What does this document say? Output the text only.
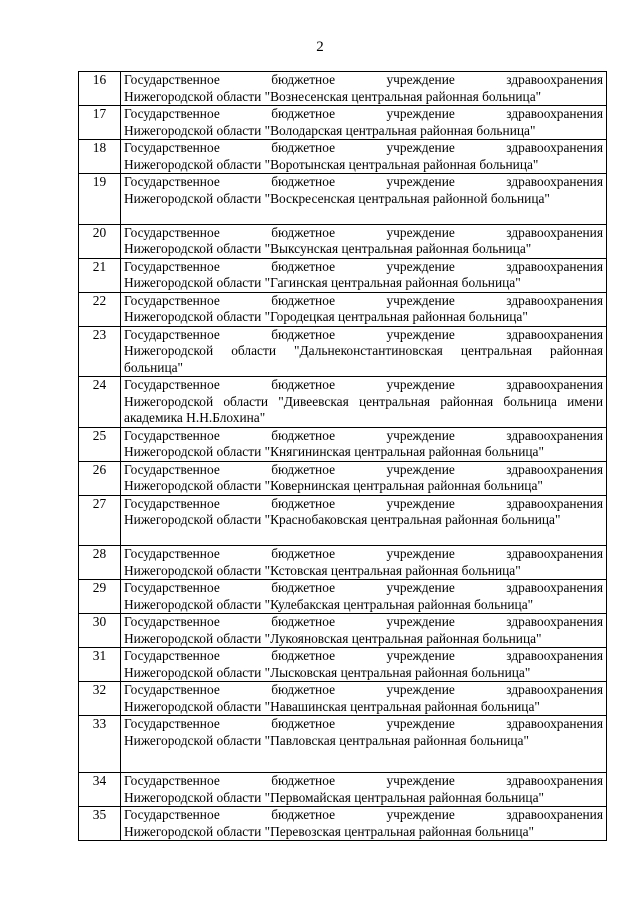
2
16	Государственное бюджетное учреждение здравоохранения
Нижегородской области "Вознесенская центральная районная больница"

17	Государственное бюджетное учреждение здравоохранения
Нижегородской области "Володарская центральная районная больница"

18	Государственное бюджетное учреждение здравоохранения
Нижегородской области "Воротынская центральная районная больница"

19	Государственное бюджетное учреждение здравоохранения
Нижегородской области "Воскресенская центральная районной больница"
20	Государственное бюджетное учреждение здравоохранения
Нижегородской области "Выксунская центральная районная больница"

21	Государственное бюджетное учреждение здравоохранения
Нижегородской области "Гагинская центральная районная больница"

22	Государственное бюджетное учреждение здравоохранения
Нижегородской области "Городецкая центральная районная больница"

23	Государственное бюджетное учреждение здравоохранения
Нижегородской области "Дальнеконстантиновская центральная районная больница"
24	Государственное бюджетное учреждение здравоохранения
Нижегородской области "Дивеевская центральная районная больница имени академика Н.Н.Блохина"
25	Государственное бюджетное учреждение здравоохранения
Нижегородской области "Княгининская центральная районная больница"

26	Государственное бюджетное учреждение здравоохранения
Нижегородской области "Ковернинская центральная районная больница"

27	Государственное бюджетное учреждение здравоохранения
Нижегородской области "Краснобаковская центральная районная больница"
28	Государственное бюджетное учреждение здравоохранения
Нижегородской области "Кстовская центральная районная больница"

29	Государственное бюджетное учреждение здравоохранения
Нижегородской области "Кулебакская центральная районная больница"

30	Государственное бюджетное учреждение здравоохранения
Нижегородской области "Лукояновская центральная районная больница"

31	Государственное бюджетное учреждение здравоохранения
Нижегородской области "Лысковская центральная районная больница"

32	Государственное бюджетное учреждение здравоохранения
Нижегородской области "Навашинская центральная районная больница"

33	Государственное бюджетное учреждение здравоохранения
Нижегородской области "Павловская центральная районная больница"

34	Государственное бюджетное учреждение здравоохранения
Нижегородской области "Первомайская центральная районная больница"

35	Государственное бюджетное учреждение здравоохранения
Нижегородской области "Перевозская центральная районная больница"
